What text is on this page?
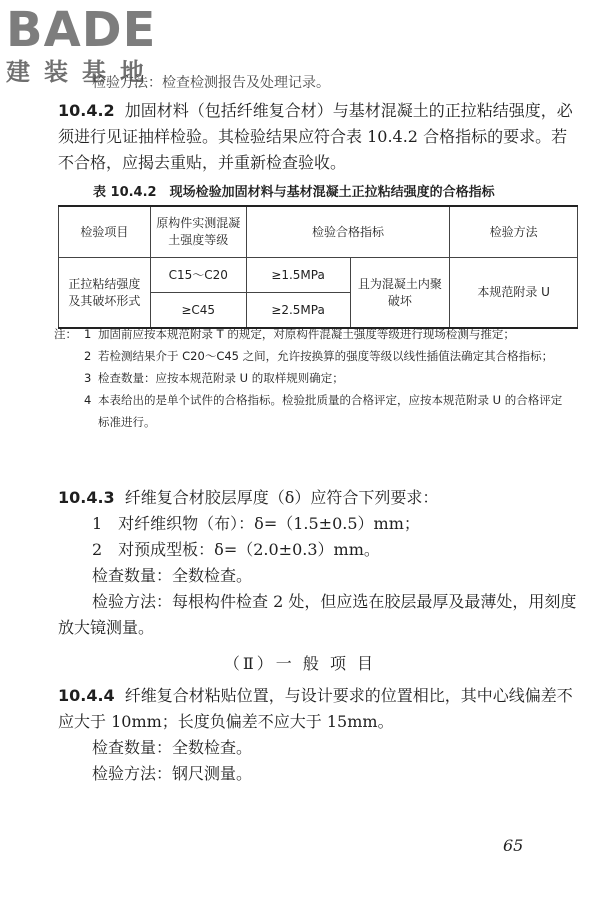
BADE
建装基地
检验方法：检查检测报告及处理记录。
10.4.2 加固材料（包括纤维复合材）与基材混凝土的正拉粘结强度，必须进行见证抽样检验。其检验结果应符合表 10.4.2 合格指标的要求。若不合格，应揭去重贴，并重新检查验收。
表 10.4.2　现场检验加固材料与基材混凝土正拉粘结强度的合格指标
检验项目	原构件实测混凝土强度等级	检验合格指标		检验方法
正拉粘结强度及其破坏形式	C15～C20	≥1.5MPa	且为混凝土内聚破坏	本规范附录 U
	≥C45	≥2.5MPa		
注： 1 加固前应按本规范附录 T 的规定，对原构件混凝土强度等级进行现场检测与推定；
2 若检测结果介于 C20～C45 之间，允许按换算的强度等级以线性插值法确定其合格指标；
3 检查数量：应按本规范附录 U 的取样规则确定；
4 本表给出的是单个试件的合格指标。检验批质量的合格评定，应按本规范附录 U 的合格评定标准进行。
10.4.3 纤维复合材胶层厚度（δ）应符合下列要求：
1　对纤维织物（布）：δ=（1.5±0.5）mm；
2　对预成型板：δ=（2.0±0.3）mm。
检查数量：全数检查。
检验方法：每根构件检查 2 处，但应选在胶层最厚及最薄处，用刻度放大镜测量。
（Ⅱ）一 般 项 目
10.4.4 纤维复合材粘贴位置，与设计要求的位置相比，其中心线偏差不应大于 10mm；长度负偏差不应大于 15mm。
检查数量：全数检查。
检验方法：钢尺测量。
65
